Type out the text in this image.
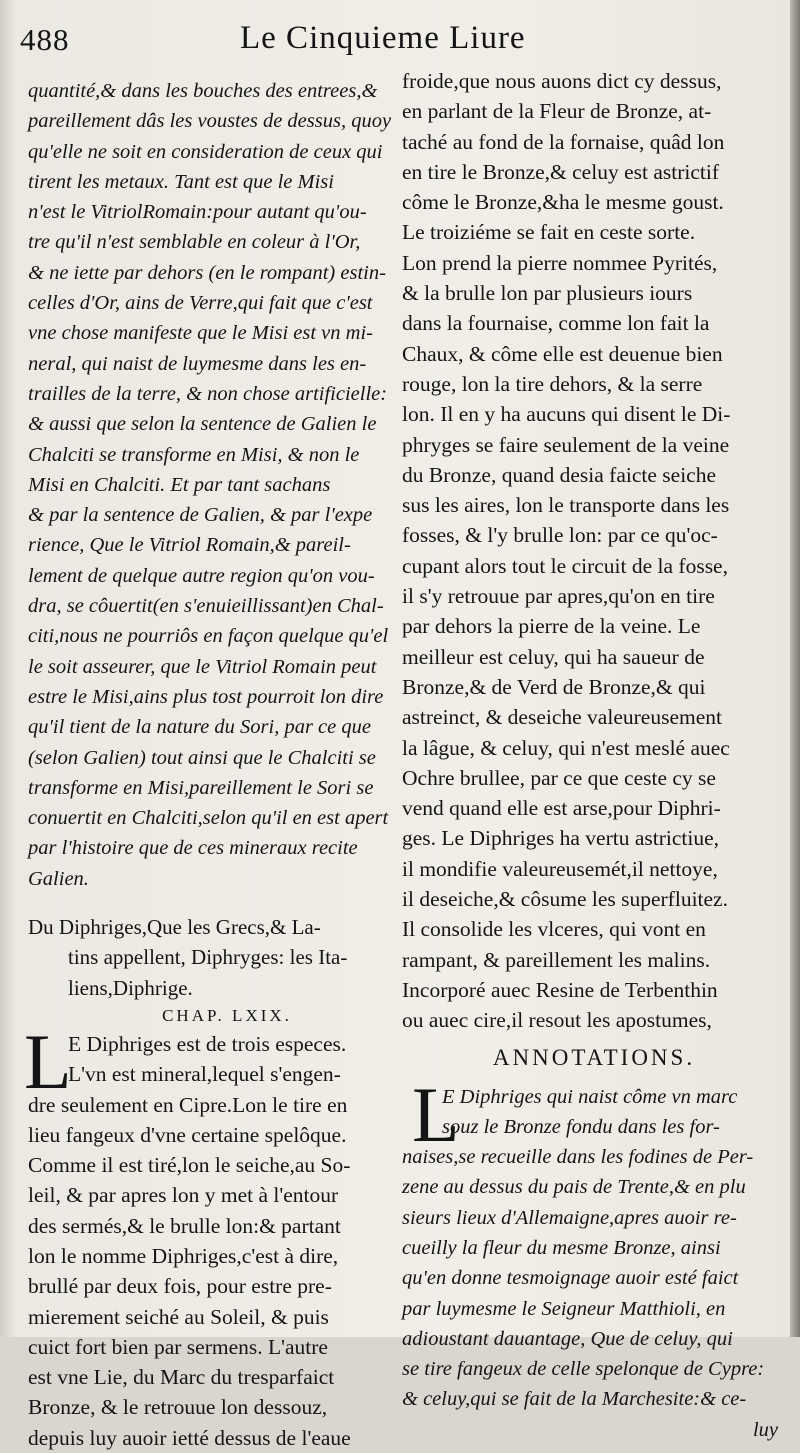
488	Le Cinquieme Liure
quantité,& dans les bouches des entrees,&
pareillement dâs les voustes de dessus, quoy
qu'elle ne soit en consideration de ceux qui
tirent les metaux. Tant est que le Misi
n'est le VitriolRomain:pour autant qu'ou-
tre qu'il n'est semblable en coleur à l'Or,
& ne iette par dehors (en le rompant) estin-
celles d'Or, ains de Verre,qui fait que c'est
vne chose manifeste que le Misi est vn mi-
neral, qui naist de luymesme dans les en-
trailles de la terre, & non chose artificielle:
& aussi que selon la sentence de Galien le
Chalciti se transforme en Misi, & non le
Misi en Chalciti. Et par tant sachans
& par la sentence de Galien, & par l'expe
rience, Que le Vitriol Romain,& pareil-
lement de quelque autre region qu'on vou-
dra, se côuertit(en s'enuieillissant)en Chal-
citi,nous ne pourriôs en façon quelque qu'el
le soit asseurer, que le Vitriol Romain peut
estre le Misi,ains plus tost pourroit lon dire
qu'il tient de la nature du Sori, par ce que
(selon Galien) tout ainsi que le Chalciti se
transforme en Misi,pareillement le Sori se
conuertit en Chalciti,selon qu'il en est apert
par l'histoire que de ces mineraux recite
Galien.
Du Diphriges,Que les Grecs,& La-
tins appellent, Diphryges: les Ita-
liens,Diphrige.
CHAP. LXIX.
L
E Diphriges est de trois especes.
L'vn est mineral,lequel s'engen-
dre seulement en Cipre.Lon le tire en
lieu fangeux d'vne certaine spelôque.
Comme il est tiré,lon le seiche,au So-
leil, & par apres lon y met à l'entour
des sermés,& le brulle lon:& partant
lon le nomme Diphriges,c'est à dire,
brullé par deux fois, pour estre pre-
mierement seiché au Soleil, & puis
cuict fort bien par sermens. L'autre
est vne Lie, du Marc du tresparfaict
Bronze, & le retrouue lon dessouz,
depuis luy auoir ietté dessus de l'eaue
froide,que nous auons dict cy dessus,
en parlant de la Fleur de Bronze, at-
taché au fond de la fornaise, quâd lon
en tire le Bronze,& celuy est astrictif
côme le Bronze,&ha le mesme goust.
Le troiziéme se fait en ceste sorte.
Lon prend la pierre nommee Pyrités,
& la brulle lon par plusieurs iours
dans la fournaise, comme lon fait la
Chaux, & côme elle est deuenue bien
rouge, lon la tire dehors, & la serre
lon. Il en y ha aucuns qui disent le Di-
phryges se faire seulement de la veine
du Bronze, quand desia faicte seiche
sus les aires, lon le transporte dans les
fosses, & l'y brulle lon: par ce qu'oc-
cupant alors tout le circuit de la fosse,
il s'y retrouue par apres,qu'on en tire
par dehors la pierre de la veine. Le
meilleur est celuy, qui ha saueur de
Bronze,& de Verd de Bronze,& qui
astreinct, & deseiche valeureusement
la lâgue, & celuy, qui n'est meslé auec
Ochre brullee, par ce que ceste cy se
vend quand elle est arse,pour Diphri-
ges. Le Diphriges ha vertu astrictiue,
il mondifie valeureusemét,il nettoye,
il deseiche,& côsume les superfluitez.
Il consolide les vlceres, qui vont en
rampant, & pareillement les malins.
Incorporé auec Resine de Terbenthin
ou auec cire,il resout les apostumes,
ANNOTATIONS.
L
E Diphriges qui naist côme vn marc
souz le Bronze fondu dans les for-
naises,se recueille dans les fodines de Per-
zene au dessus du pais de Trente,& en plu
sieurs lieux d'Allemaigne,apres auoir re-
cueilly la fleur du mesme Bronze, ainsi
qu'en donne tesmoignage auoir esté faict
par luymesme le Seigneur Matthioli, en
adioustant dauantage, Que de celuy, qui
se tire fangeux de celle spelonque de Cypre:
& celuy,qui se fait de la Marchesite:& ce-
luy
